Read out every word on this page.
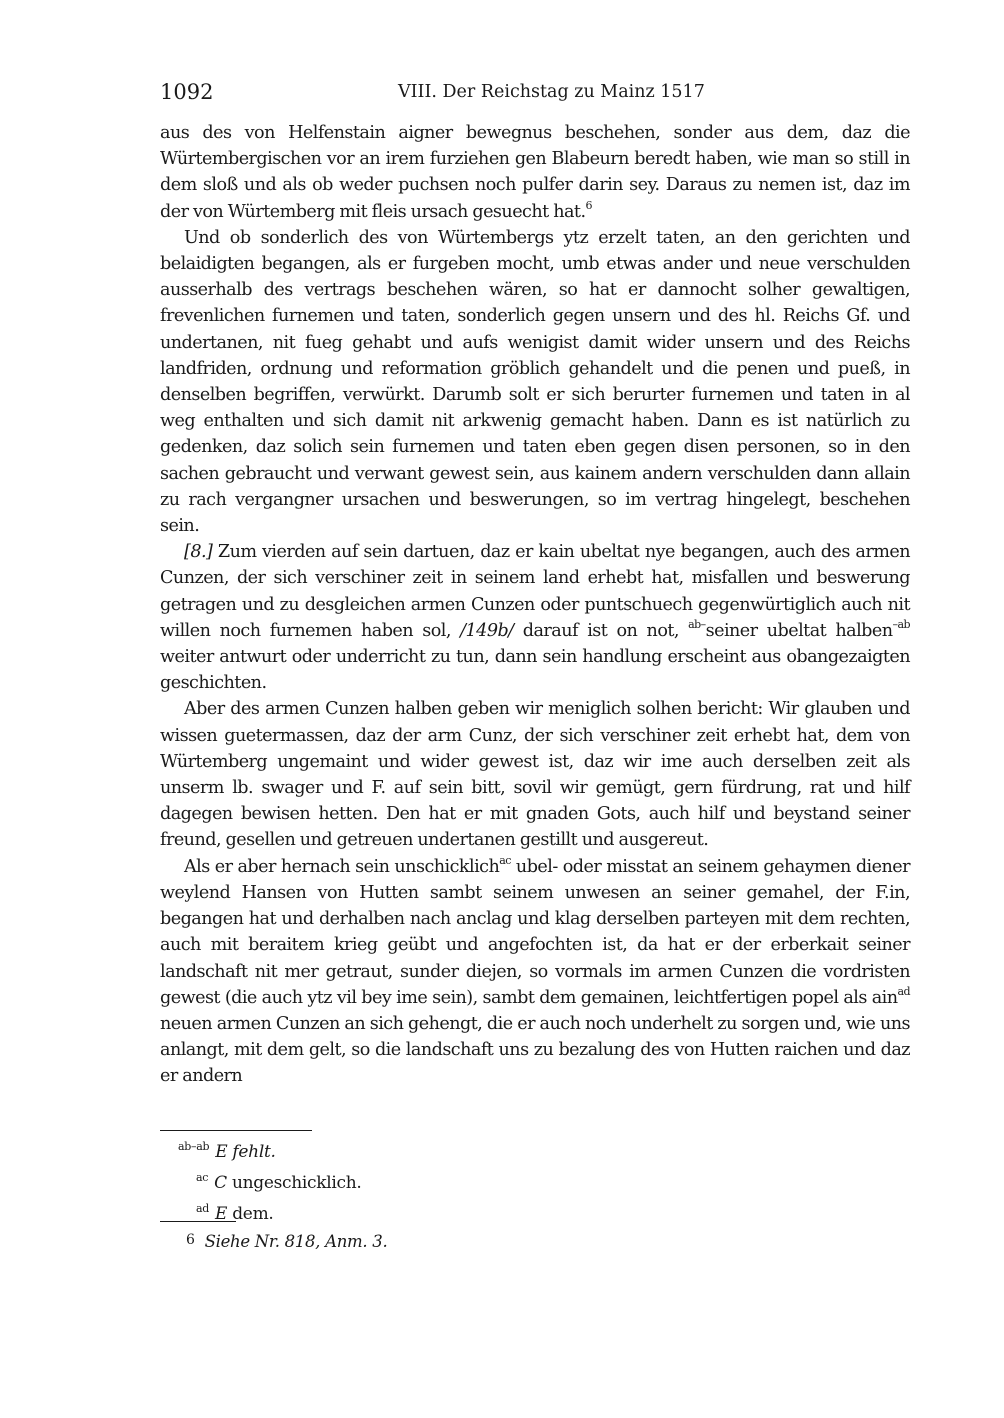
1092	VIII. Der Reichstag zu Mainz 1517

aus des von Helfenstain aigner bewegnus beschehen, sonder aus dem, daz die Würtembergischen vor an irem furziehen gen Blabeurn beredt haben, wie man so still in dem sloß und als ob weder puchsen noch pulfer darin sey. Daraus zu nemen ist, daz im der von Würtemberg mit fleis ursach gesuecht hat.$^6$

Und ob sonderlich des von Würtembergs ytz erzelt taten, an den gerichten und belaidigten begangen, als er furgeben mocht, umb etwas ander und neue verschulden ausserhalb des vertrags beschehen wären, so hat er dannocht solher gewaltigen, frevenlichen furnemen und taten, sonderlich gegen unsern und des hl. Reichs Gf. und undertanen, nit fueg gehabt und aufs wenigist damit wider unsern und des Reichs landfriden, ordnung und reformation gröblich gehandelt und die penen und pueß, in denselben begriffen, verwürkt. Darumb solt er sich berurter furnemen und taten in al weg enthalten und sich damit nit arkwenig gemacht haben. Dann es ist natürlich zu gedenken, daz solich sein furnemen und taten eben gegen disen personen, so in den sachen gebraucht und verwant gewest sein, aus kainem andern verschulden dann allain zu rach vergangner ursachen und beswerungen, so im vertrag hingelegt, beschehen sein.

[8.] Zum vierden auf sein dartuen, daz er kain ubeltat nye begangen, auch des armen Cunzen, der sich verschiner zeit in seinem land erhebt hat, misfallen und beswerung getragen und zu desgleichen armen Cunzen oder puntschuech gegenwürtiglich auch nit willen noch furnemen haben sol, /149b/ darauf ist on not, $^{ab-}$seiner ubeltat halben$^{-ab}$ weiter antwurt oder underricht zu tun, dann sein handlung erscheint aus obangezaigten geschichten.

Aber des armen Cunzen halben geben wir meniglich solhen bericht: Wir glauben und wissen guetermassen, daz der arm Cunz, der sich verschiner zeit erhebt hat, dem von Würtemberg ungemaint und wider gewest ist, daz wir ime auch derselben zeit als unserm lb. swager und F. auf sein bitt, sovil wir gemügt, gern fürdrung, rat und hilf dagegen bewisen hetten. Den hat er mit gnaden Gots, auch hilf und beystand seiner freund, gesellen und getreuen undertanen gestillt und ausgereut.

Als er aber hernach sein unschicklich$^{ac}$ ubel- oder misstat an seinem gehaymen diener weylend Hansen von Hutten sambt seinem unwesen an seiner gemahel, der F.in, begangen hat und derhalben nach anclag und klag derselben parteyen mit dem rechten, auch mit beraitem krieg geübt und angefochten ist, da hat er der erberkait seiner landschaft nit mer getraut, sunder diejen, so vormals im armen Cunzen die vordristen gewest (die auch ytz vil bey ime sein), sambt dem gemainen, leichtfertigen popel als ain$^{ad}$ neuen armen Cunzen an sich gehengt, die er auch noch underhelt zu sorgen und, wie uns anlangt, mit dem gelt, so die landschaft uns zu bezalung des von Hutten raichen und daz er andern

$^{ab-ab}$ E fehlt.
$^{ac}$ C ungeschicklich.
$^{ad}$ E dem.
6 Siehe Nr. 818, Anm. 3.
